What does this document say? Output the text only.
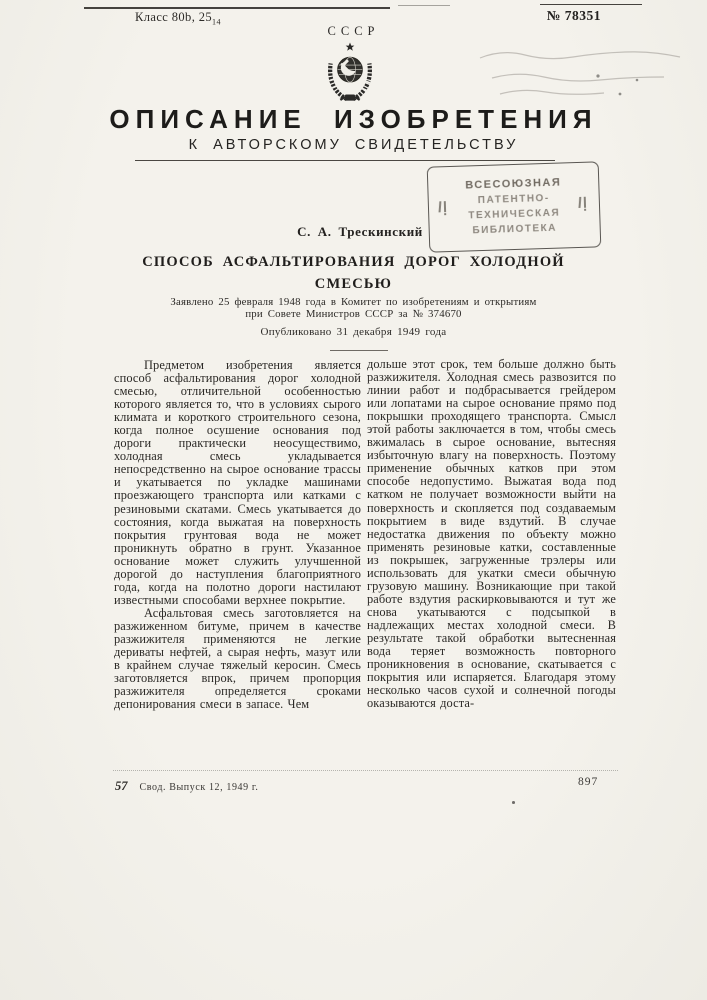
Класс 80b, $25_{14}$	№ 78351
СССР
ОПИСАНИЕ ИЗОБРЕТЕНИЯ
К АВТОРСКОМУ СВИДЕТЕЛЬСТВУ
ВСЕСОЮЗНАЯ
ПАТЕНТНО-
ТЕХНИЧЕСКАЯ
БИБЛИОТЕКА
С. А. Трескинский
СПОСОБ АСФАЛЬТИРОВАНИЯ ДОРОГ ХОЛОДНОЙ СМЕСЬЮ
Заявлено 25 февраля 1948 года в Комитет по изобретениям и открытиям
при Совете Министров СССР за № 374670
Опубликовано 31 декабря 1949 года

Предметом изобретения является способ асфальтирования дорог холодной смесью, отличительной особенностью которого является то, что в условиях сырого климата и короткого строительного сезона, когда полное осушение основания под дороги практически неосуществимо, холодная смесь укладывается непосредственно на сырое основание трассы и укатывается по укладке машинами проезжающего транспорта или катками с резиновыми скатами. Смесь укатывается до состояния, когда выжатая на поверхность покрытия грунтовая вода не может проникнуть обратно в грунт. Указанное основание может служить улучшенной дорогой до наступления благоприятного года, когда на полотно дороги настилают известными способами верхнее покрытие.

Асфальтовая смесь заготовляется на разжиженном битуме, причем в качестве разжижителя применяются не легкие дериваты нефтей, а сырая нефть, мазут или в крайнем случае тяжелый керосин. Смесь заготовляется впрок, причем пропорция разжижителя определяется сроками депонирования смеси в запасе. Чем

дольше этот срок, тем больше должно быть разжижителя. Холодная смесь развозится по линии работ и подбрасывается грейдером или лопатами на сырое основание прямо под покрышки проходящего транспорта. Смысл этой работы заключается в том, чтобы смесь вжималась в сырое основание, вытесняя избыточную влагу на поверхность. Поэтому применение обычных катков при этом способе недопустимо. Выжатая вода под катком не получает возможности выйти на поверхность и скопляется под создаваемым покрытием в виде вздутий. В случае недостатка движения по объекту можно применять резиновые катки, составленные из покрышек, загруженные трэлеры или использовать для укатки смеси обычную грузовую машину. Возникающие при такой работе вздутия раскирковываются и тут же снова укатываются с подсыпкой в надлежащих местах холодной смеси. В результате такой обработки вытесненная вода теряет возможность повторного проникновения в основание, скатывается с покрытия или испаряется. Благодаря этому несколько часов сухой и солнечной погоды оказываются доста-

57 Свод. Выпуск 12, 1949 г.	897
